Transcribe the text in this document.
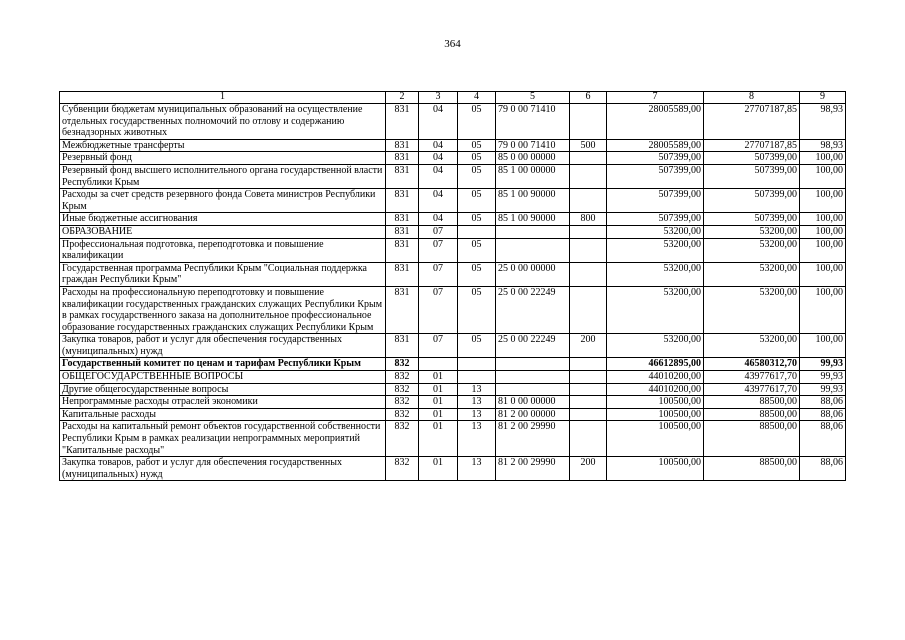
364
1	2	3	4	5	6	7	8	9
Субвенции бюджетам муниципальных образований на осуществление отдельных государственных полномочий по отлову и содержанию безнадзорных животных	831	04	05	79 0 00 71410		28005589,00	27707187,85	98,93
Межбюджетные трансферты	831	04	05	79 0 00 71410	500	28005589,00	27707187,85	98,93
Резервный фонд	831	04	05	85 0 00 00000		507399,00	507399,00	100,00
Резервный фонд высшего исполнительного органа государственной власти Республики Крым	831	04	05	85 1 00 00000		507399,00	507399,00	100,00
Расходы за счет средств резервного фонда Совета министров Республики Крым	831	04	05	85 1 00 90000		507399,00	507399,00	100,00
Иные бюджетные ассигнования	831	04	05	85 1 00 90000	800	507399,00	507399,00	100,00
ОБРАЗОВАНИЕ	831	07				53200,00	53200,00	100,00
Профессиональная подготовка, переподготовка и повышение квалификации	831	07	05			53200,00	53200,00	100,00
Государственная программа Республики Крым "Социальная поддержка граждан Республики Крым"	831	07	05	25 0 00 00000		53200,00	53200,00	100,00
Расходы на профессиональную переподготовку и повышение квалификации государственных гражданских служащих Республики Крым в рамках государственного заказа на дополнительное профессиональное образование государственных гражданских служащих Республики Крым	831	07	05	25 0 00 22249		53200,00	53200,00	100,00
Закупка товаров, работ и услуг для обеспечения государственных (муниципальных) нужд	831	07	05	25 0 00 22249	200	53200,00	53200,00	100,00
Государственный комитет по ценам и тарифам Республики Крым	832					46612895,00	46580312,70	99,93
ОБЩЕГОСУДАРСТВЕННЫЕ ВОПРОСЫ	832	01				44010200,00	43977617,70	99,93
Другие общегосударственные вопросы	832	01	13			44010200,00	43977617,70	99,93
Непрограммные расходы отраслей экономики	832	01	13	81 0 00 00000		100500,00	88500,00	88,06
Капитальные расходы	832	01	13	81 2 00 00000		100500,00	88500,00	88,06
Расходы на капитальный ремонт объектов государственной собственности Республики Крым в рамках реализации непрограммных мероприятий "Капитальные расходы"	832	01	13	81 2 00 29990		100500,00	88500,00	88,06
Закупка товаров, работ и услуг для обеспечения государственных (муниципальных) нужд	832	01	13	81 2 00 29990	200	100500,00	88500,00	88,06
